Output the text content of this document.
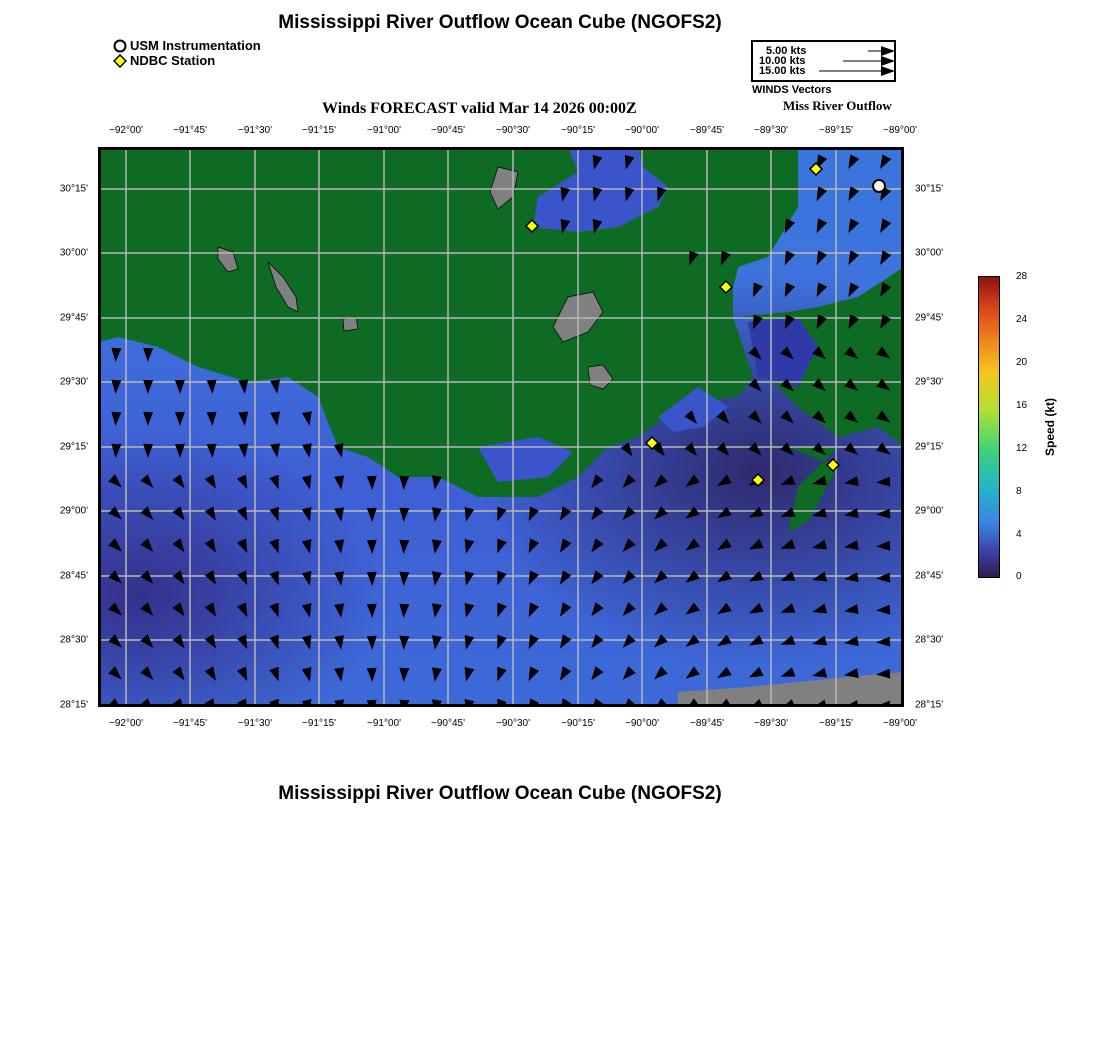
Mississippi River Outflow Ocean Cube (NGOFS2)
USM Instrumentation
NDBC Station
5.00 kts
10.00 kts
15.00 kts
WINDS Vectors
Winds FORECAST valid Mar 14 2026 00:00Z	Miss River Outflow
−92°00'	−91°45'	−91°30'	−91°15'	−91°00'	−90°45'	−90°30'	−90°15'	−90°00'	−89°45'	−89°30'	−89°15'	−89°00'
−92°00'	−91°45'	−91°30'	−91°15'	−91°00'	−90°45'	−90°30'	−90°15'	−90°00'	−89°45'	−89°30'	−89°15'	−89°00'
30°15'
30°00'
29°45'
29°30'
29°15'
29°00'
28°45'
28°30'
28°15'
30°15'
30°00'
29°45'
29°30'
29°15'
29°00'
28°45'
28°30'
28°15'
28
24
20
16
12
8
4
0
Speed (kt)
Mississippi River Outflow Ocean Cube (NGOFS2)
